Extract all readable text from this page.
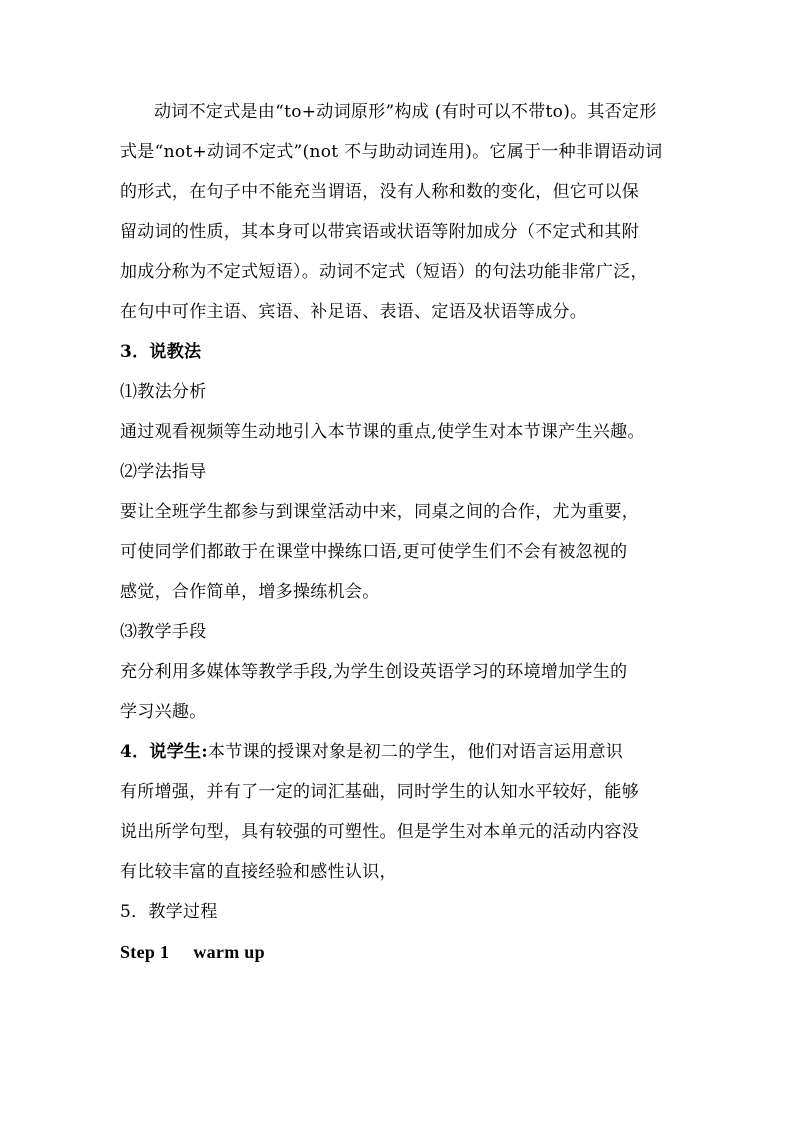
动词不定式是由“to+动词原形”构成 (有时可以不带to)。其否定形

式是“not+动词不定式”(not 不与助动词连用)。它属于一种非谓语动词

的形式，在句子中不能充当谓语，没有人称和数的变化，但它可以保

留动词的性质，其本身可以带宾语或状语等附加成分（不定式和其附

加成分称为不定式短语）。动词不定式（短语）的句法功能非常广泛，

在句中可作主语、宾语、补足语、表语、定语及状语等成分。

3．说教法

⑴教法分析

通过观看视频等生动地引入本节课的重点,使学生对本节课产生兴趣。

⑵学法指导

要让全班学生都参与到课堂活动中来，同桌之间的合作，尤为重要，

可使同学们都敢于在课堂中操练口语,更可使学生们不会有被忽视的

感觉，合作简单，增多操练机会。

⑶教学手段

充分利用多媒体等教学手段,为学生创设英语学习的环境增加学生的

学习兴趣。

4．说学生:本节课的授课对象是初二的学生，他们对语言运用意识

有所增强，并有了一定的词汇基础，同时学生的认知水平较好，能够

说出所学句型，具有较强的可塑性。但是学生对本单元的活动内容没

有比较丰富的直接经验和感性认识，

5．教学过程

Step 1 warm up
